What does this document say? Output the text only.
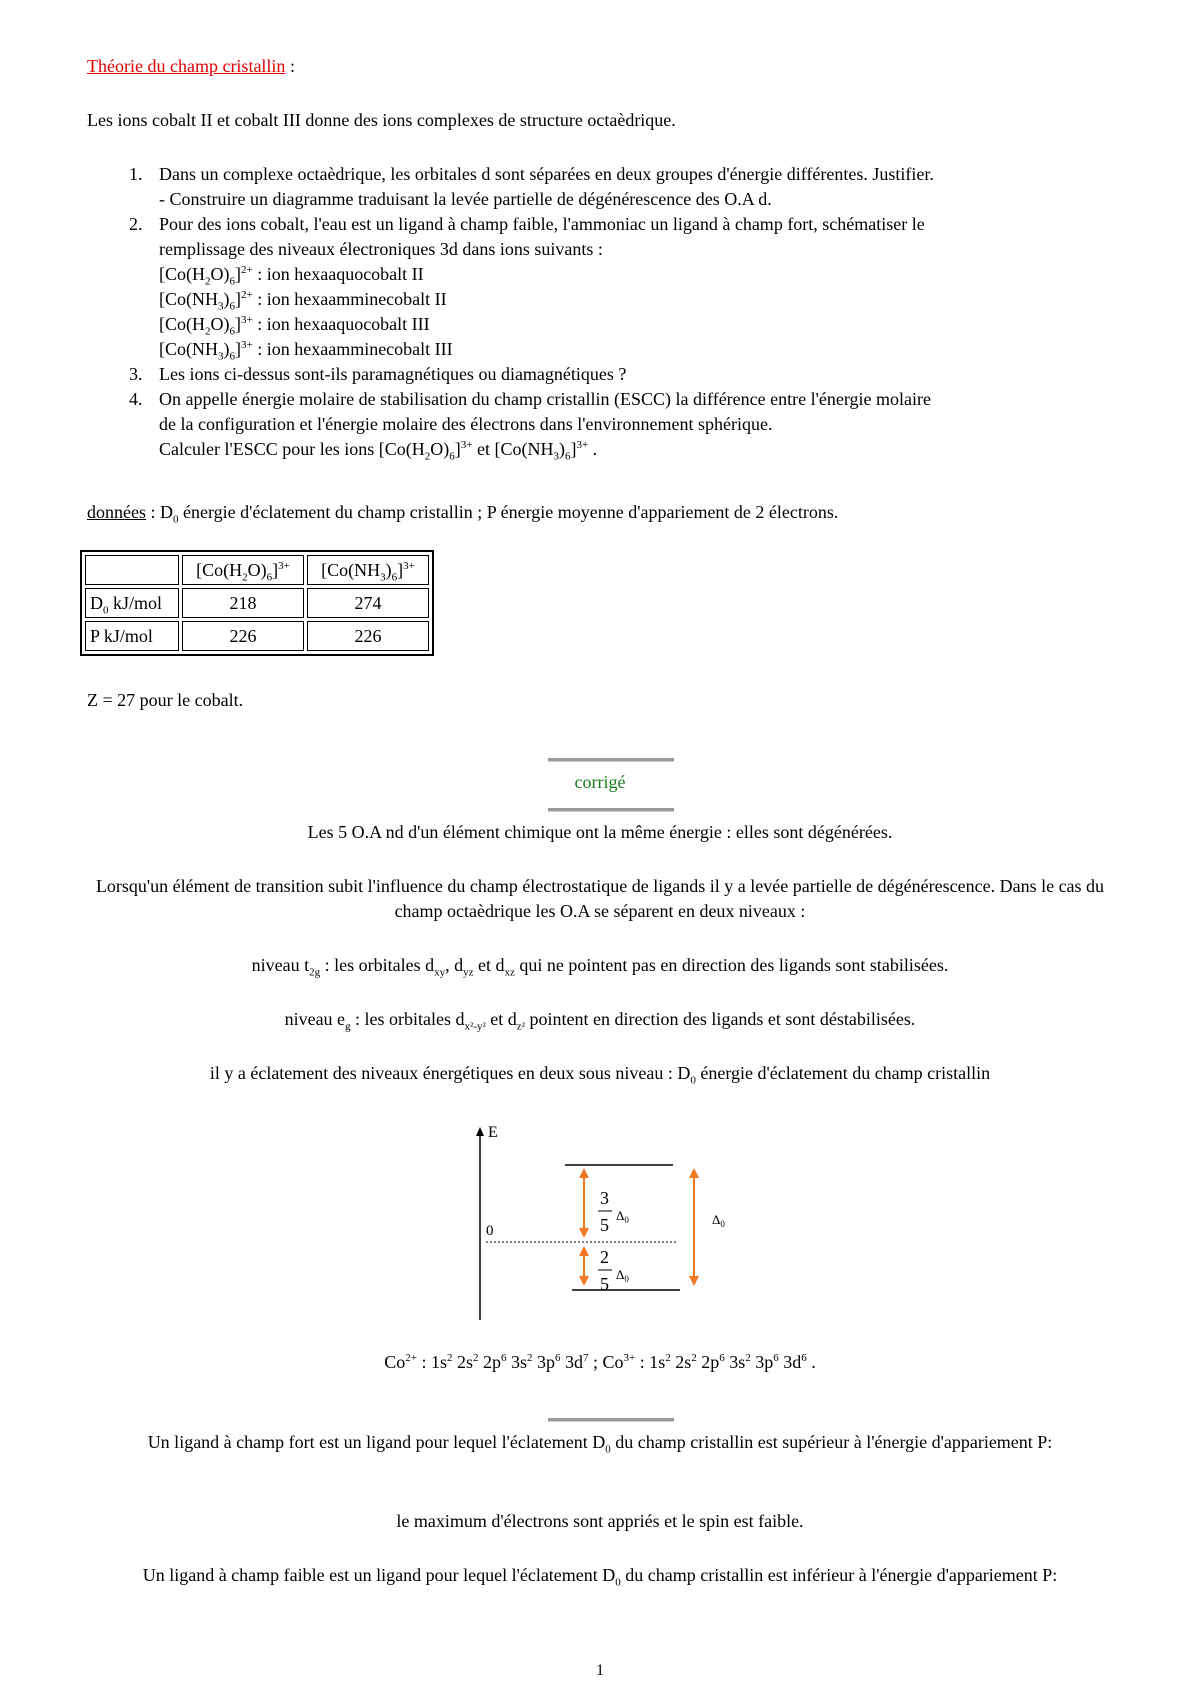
Théorie du champ cristallin :
Les ions cobalt II et cobalt III donne des ions complexes de structure octaèdrique.
1. Dans un complexe octaèdrique, les orbitales d sont séparées en deux groupes d'énergie différentes. Justifier.
- Construire un diagramme traduisant la levée partielle de dégénérescence des O.A d.
2. Pour des ions cobalt, l'eau est un ligand à champ faible, l'ammoniac un ligand à champ fort, schématiser le
remplissage des niveaux électroniques 3d dans ions suivants :
$[Co(H_2O)_6]^{2+}$ : ion hexaaquocobalt II
$[Co(NH_3)_6]^{2+}$ : ion hexaamminecobalt II
$[Co(H_2O)_6]^{3+}$ : ion hexaaquocobalt III
$[Co(NH_3)_6]^{3+}$ : ion hexaamminecobalt III
3. Les ions ci-dessus sont-ils paramagnétiques ou diamagnétiques ?
4. On appelle énergie molaire de stabilisation du champ cristallin (ESCC) la différence entre l'énergie molaire
de la configuration et l'énergie molaire des électrons dans l'environnement sphérique.
Calculer l'ESCC pour les ions $[Co(H_2O)_6]^{3+}$ et $[Co(NH_3)_6]^{3+}$ .
données : $D_0$ énergie d'éclatement du champ cristallin ; P énergie moyenne d'appariement de 2 électrons.
	$[Co(H_2O)_6]^{3+}$	$[Co(NH_3)_6]^{3+}$
$D_0$ kJ/mol	218	274
P kJ/mol	226	226
Z = 27 pour le cobalt.
corrigé
Les 5 O.A nd d'un élément chimique ont la même énergie : elles sont dégénérées.
Lorsqu'un élément de transition subit l'influence du champ électrostatique de ligands il y a levée partielle de dégénérescence. Dans le cas du champ octaèdrique les O.A se séparent en deux niveaux :
niveau $t_{2g}$ : les orbitales $d_{xy}$, $d_{yz}$ et $d_{xz}$ qui ne pointent pas en direction des ligands sont stabilisées.
niveau $e_g$ : les orbitales $d_{x^2-y^2}$ et $d_{z^2}$ pointent en direction des ligands et sont déstabilisées.
il y a éclatement des niveaux énergétiques en deux sous niveau : $D_0$ énergie d'éclatement du champ cristallin
E
0
3
5 $\Delta_0$
2
5 $\Delta_0$
$\Delta_0$
$Co^{2+}$ : $1s^2$ $2s^2$ $2p^6$ $3s^2$ $3p^6$ $3d^7$ ; $Co^{3+}$ : $1s^2$ $2s^2$ $2p^6$ $3s^2$ $3p^6$ $3d^6$ .
Un ligand à champ fort est un ligand pour lequel l'éclatement $D_0$ du champ cristallin est supérieur à l'énergie d'appariement P:
le maximum d'électrons sont appriés et le spin est faible.
Un ligand à champ faible est un ligand pour lequel l'éclatement $D_0$ du champ cristallin est inférieur à l'énergie d'appariement P:
1
